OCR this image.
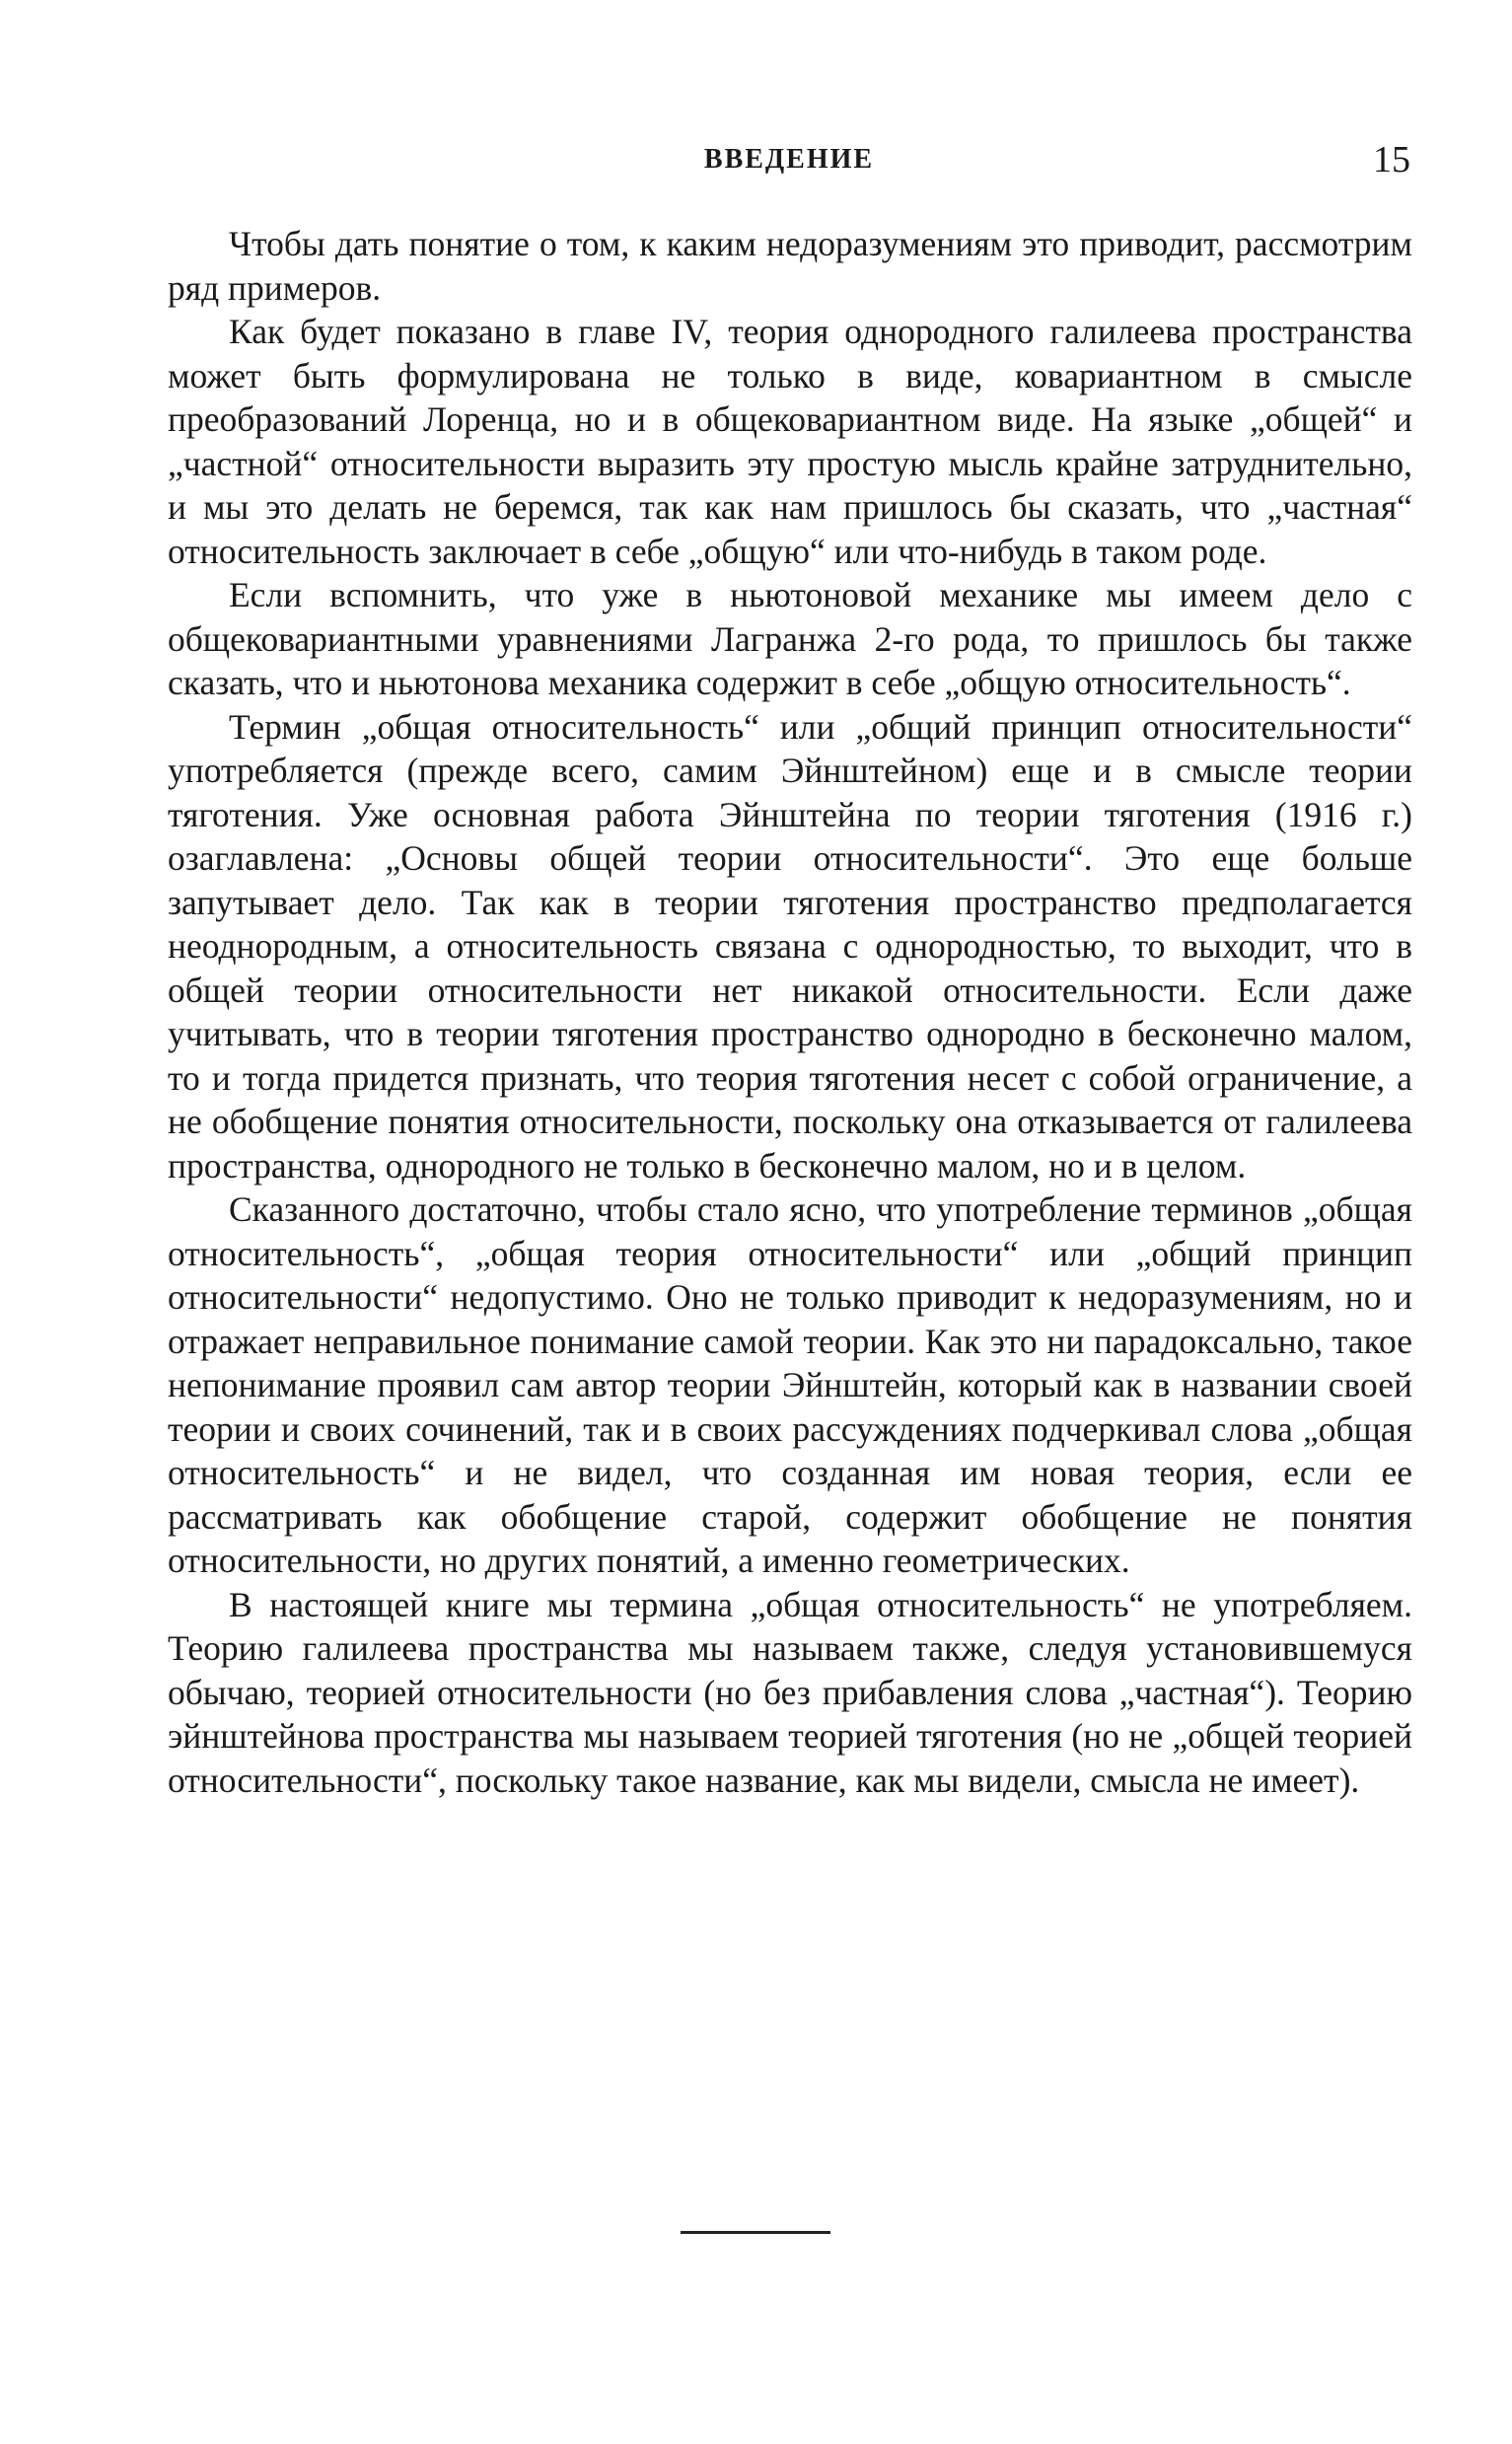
ВВЕДЕНИЕ	15

Чтобы дать понятие о том, к каким недоразумениям это приводит, рассмотрим ряд примеров.

Как будет показано в главе IV, теория однородного галилеева пространства может быть формулирована не только в виде, ковариантном в смысле преобразований Лоренца, но и в общековариантном виде. На языке „общей“ и „частной“ относительности выразить эту простую мысль крайне затруднительно, и мы это делать не беремся, так как нам пришлось бы сказать, что „частная“ относительность заключает в себе „общую“ или что-нибудь в таком роде.

Если вспомнить, что уже в ньютоновой механике мы имеем дело с общековариантными уравнениями Лагранжа 2-го рода, то пришлось бы также сказать, что и ньютонова механика содержит в себе „общую относительность“.

Термин „общая относительность“ или „общий принцип относительности“ употребляется (прежде всего, самим Эйнштейном) еще и в смысле теории тяготения. Уже основная работа Эйнштейна по теории тяготения (1916 г.) озаглавлена: „Основы общей теории относительности“. Это еще больше запутывает дело. Так как в теории тяготения пространство предполагается неоднородным, а относительность связана с однородностью, то выходит, что в общей теории относительности нет никакой относительности. Если даже учитывать, что в теории тяготения пространство однородно в бесконечно малом, то и тогда придется признать, что теория тяготения несет с собой ограничение, а не обобщение понятия относительности, поскольку она отказывается от галилеева пространства, однородного не только в бесконечно малом, но и в целом.

Сказанного достаточно, чтобы стало ясно, что употребление терминов „общая относительность“, „общая теория относительности“ или „общий принцип относительности“ недопустимо. Оно не только приводит к недоразумениям, но и отражает неправильное понимание самой теории. Как это ни парадоксально, такое непонимание проявил сам автор теории Эйнштейн, который как в названии своей теории и своих сочинений, так и в своих рассуждениях подчеркивал слова „общая относительность“ и не видел, что созданная им новая теория, если ее рассматривать как обобщение старой, содержит обобщение не понятия относительности, но других понятий, а именно геометрических.

В настоящей книге мы термина „общая относительность“ не употребляем. Теорию галилеева пространства мы называем также, следуя установившемуся обычаю, теорией относительности (но без прибавления слова „частная“). Теорию эйнштейнова пространства мы называем теорией тяготения (но не „общей теорией относительности“, поскольку такое название, как мы видели, смысла не имеет).
